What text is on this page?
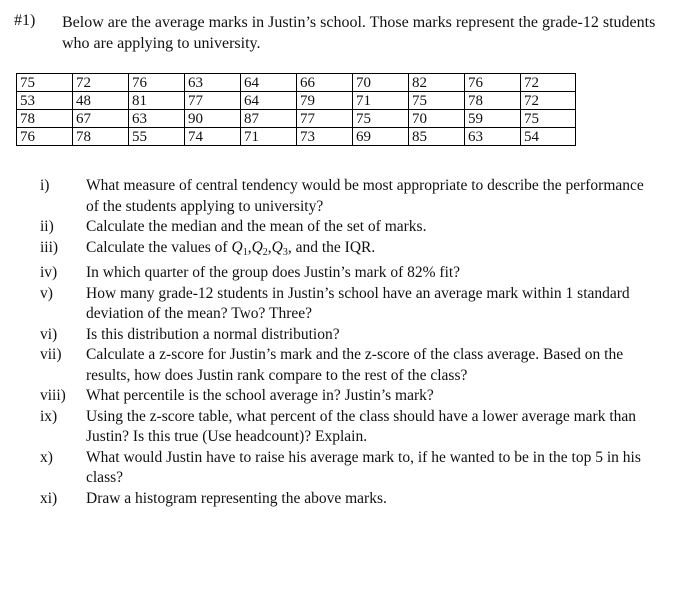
#1) Below are the average marks in Justin’s school. Those marks represent the grade-12 students who are applying to university.
75	72	76	63	64	66	70	82	76	72
53	48	81	77	64	79	71	75	78	72
78	67	63	90	87	77	75	70	59	75
76	78	55	74	71	73	69	85	63	54
i)	What measure of central tendency would be most appropriate to describe the performance of the students applying to university?
ii)	Calculate the median and the mean of the set of marks.
iii)	Calculate the values of $Q_1,Q_2,Q_3$, and the IQR.
iv)	In which quarter of the group does Justin’s mark of 82% fit?
v)	How many grade-12 students in Justin’s school have an average mark within 1 standard deviation of the mean? Two? Three?
vi)	Is this distribution a normal distribution?
vii)	Calculate a z-score for Justin’s mark and the z-score of the class average. Based on the results, how does Justin rank compare to the rest of the class?
viii)	What percentile is the school average in? Justin’s mark?
ix)	Using the z-score table, what percent of the class should have a lower average mark than Justin? Is this true (Use headcount)? Explain.
x)	What would Justin have to raise his average mark to, if he wanted to be in the top 5 in his class?
xi)	Draw a histogram representing the above marks.
